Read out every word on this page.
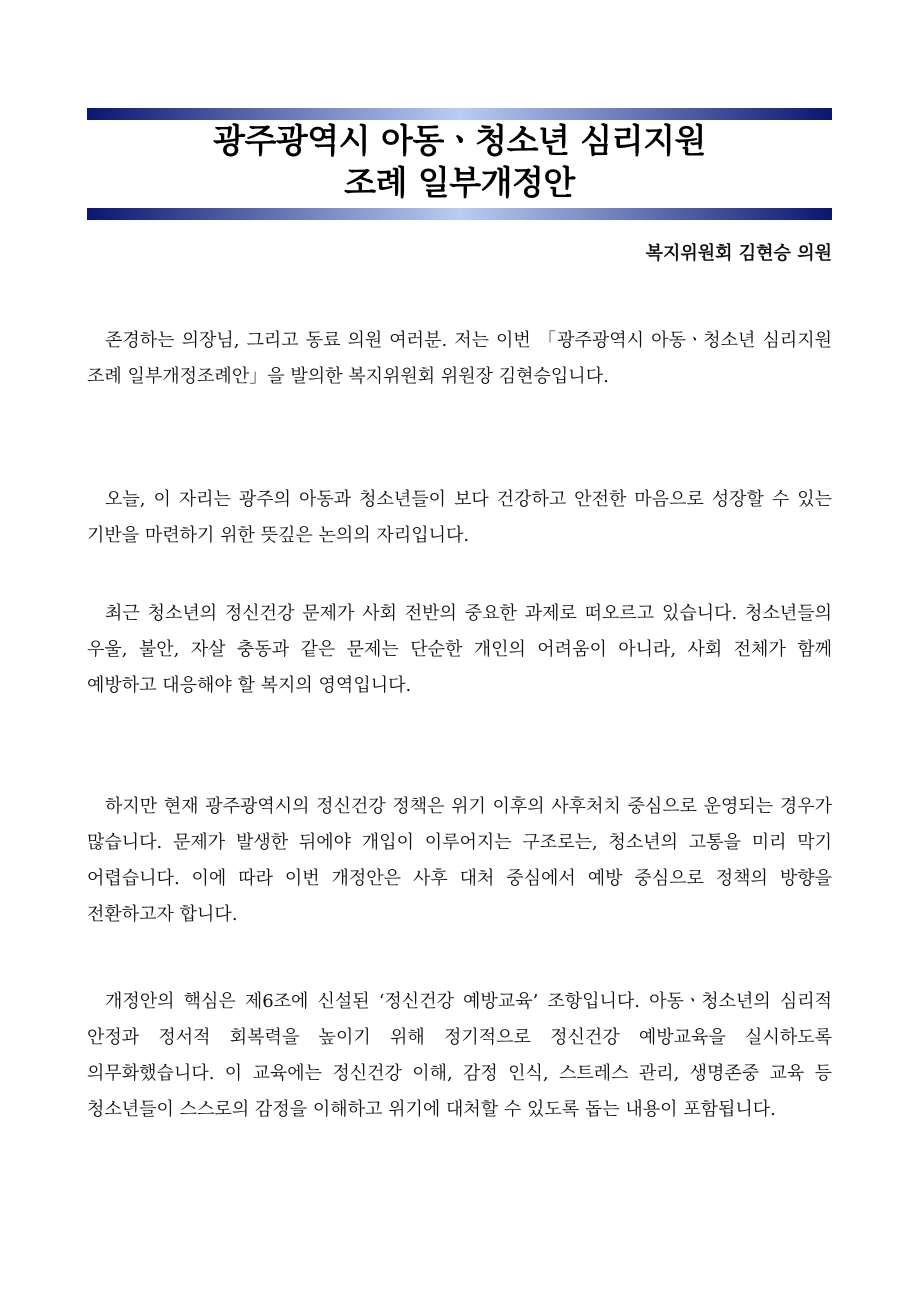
광주광역시 아동ㆍ청소년 심리지원
조례 일부개정안
복지위원회 김현승 의원

존경하는 의장님, 그리고 동료 의원 여러분. 저는 이번 「광주광역시 아동ㆍ청소년 심리지원 조례 일부개정조례안」을 발의한 복지위원회 위원장 김현승입니다.

오늘, 이 자리는 광주의 아동과 청소년들이 보다 건강하고 안전한 마음으로 성장할 수 있는 기반을 마련하기 위한 뜻깊은 논의의 자리입니다.

최근 청소년의 정신건강 문제가 사회 전반의 중요한 과제로 떠오르고 있습니다. 청소년들의 우울, 불안, 자살 충동과 같은 문제는 단순한 개인의 어려움이 아니라, 사회 전체가 함께 예방하고 대응해야 할 복지의 영역입니다.

하지만 현재 광주광역시의 정신건강 정책은 위기 이후의 사후처치 중심으로 운영되는 경우가 많습니다. 문제가 발생한 뒤에야 개입이 이루어지는 구조로는, 청소년의 고통을 미리 막기 어렵습니다. 이에 따라 이번 개정안은 사후 대처 중심에서 예방 중심으로 정책의 방향을 전환하고자 합니다.

개정안의 핵심은 제6조에 신설된 ‘정신건강 예방교육’ 조항입니다. 아동ㆍ청소년의 심리적 안정과 정서적 회복력을 높이기 위해 정기적으로 정신건강 예방교육을 실시하도록 의무화했습니다. 이 교육에는 정신건강 이해, 감정 인식, 스트레스 관리, 생명존중 교육 등 청소년들이 스스로의 감정을 이해하고 위기에 대처할 수 있도록 돕는 내용이 포함됩니다.
